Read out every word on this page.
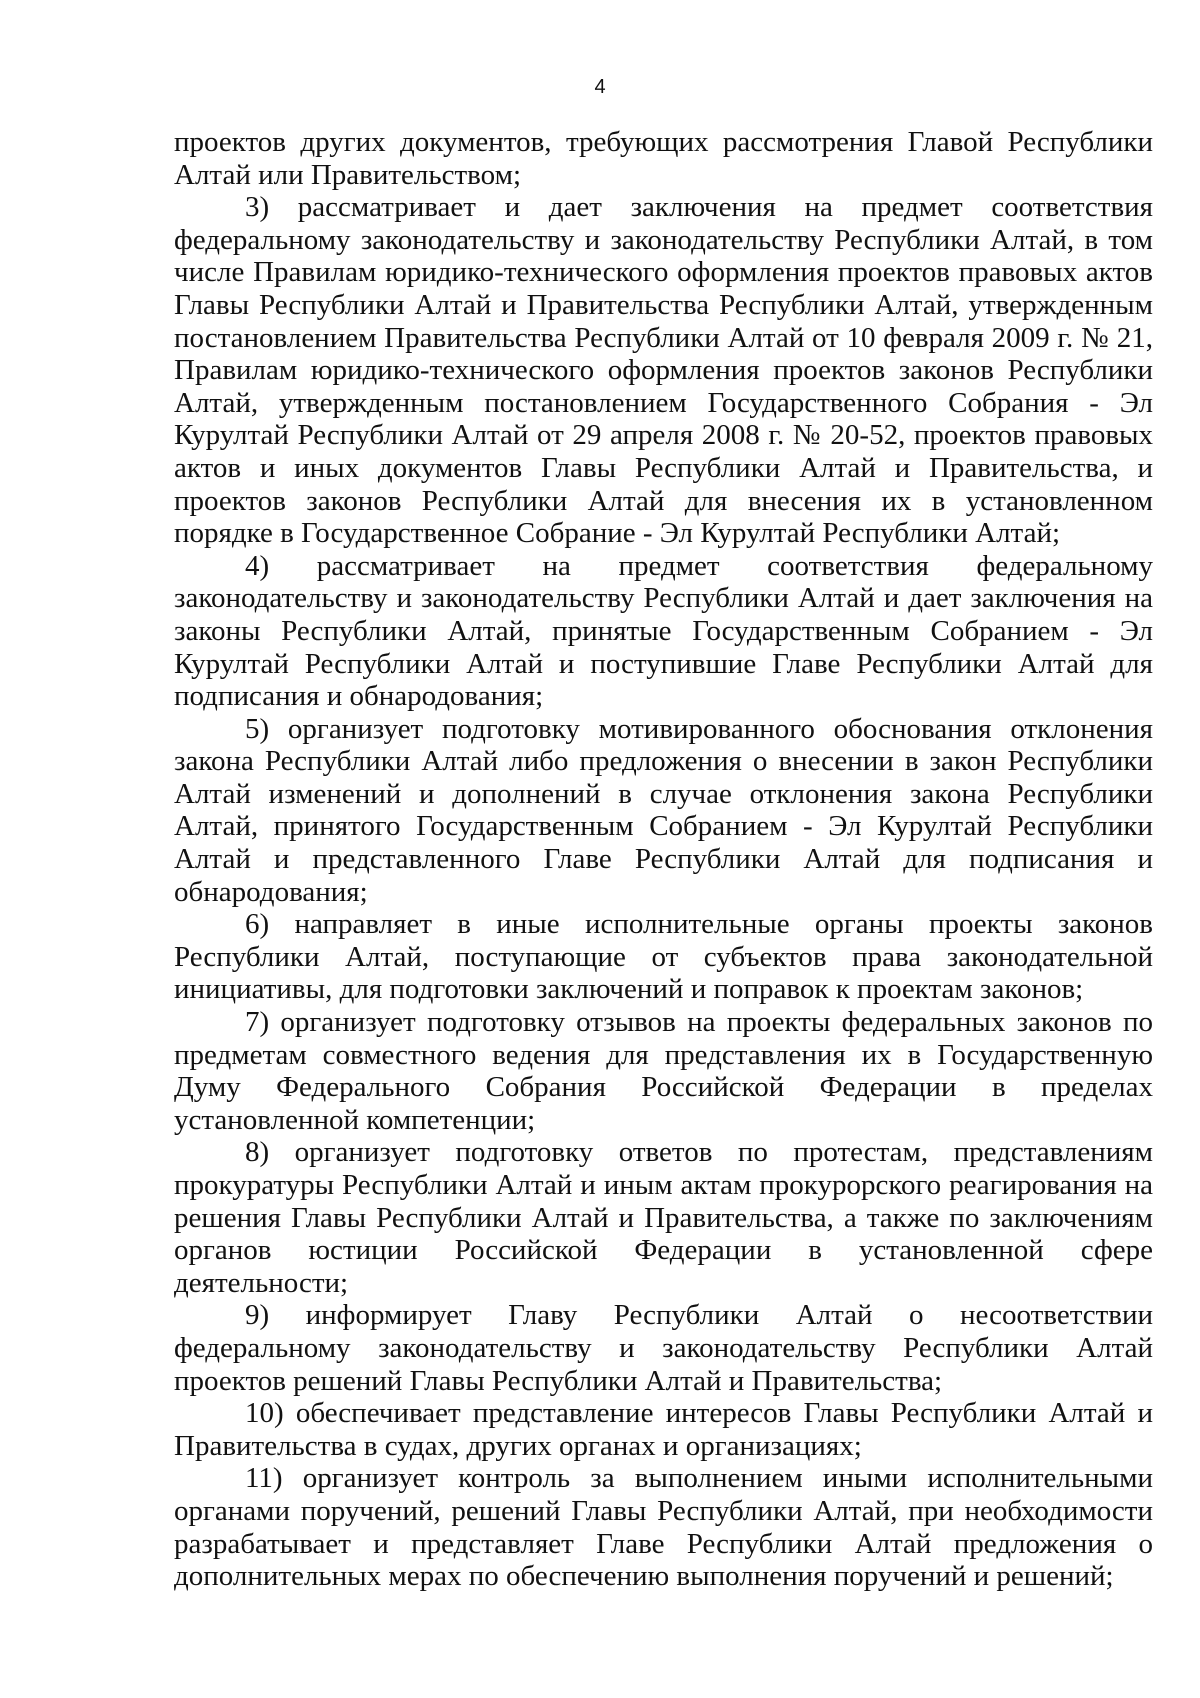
4

проектов других документов, требующих рассмотрения Главой Республики Алтай или Правительством;

3) рассматривает и дает заключения на предмет соответствия федеральному законодательству и законодательству Республики Алтай, в том числе Правилам юридико-технического оформления проектов правовых актов Главы Республики Алтай и Правительства Республики Алтай, утвержденным постановлением Правительства Республики Алтай от 10 февраля 2009 г. № 21, Правилам юридико-технического оформления проектов законов Республики Алтай, утвержденным постановлением Государственного Собрания - Эл Курултай Республики Алтай от 29 апреля 2008 г. № 20-52, проектов правовых актов и иных документов Главы Республики Алтай и Правительства, и проектов законов Республики Алтай для внесения их в установленном порядке в Государственное Собрание - Эл Курултай Республики Алтай;

4) рассматривает на предмет соответствия федеральному законодательству и законодательству Республики Алтай и дает заключения на законы Республики Алтай, принятые Государственным Собранием - Эл Курултай Республики Алтай и поступившие Главе Республики Алтай для подписания и обнародования;

5) организует подготовку мотивированного обоснования отклонения закона Республики Алтай либо предложения о внесении в закон Республики Алтай изменений и дополнений в случае отклонения закона Республики Алтай, принятого Государственным Собранием - Эл Курултай Республики Алтай и представленного Главе Республики Алтай для подписания и обнародования;

6) направляет в иные исполнительные органы проекты законов Республики Алтай, поступающие от субъектов права законодательной инициативы, для подготовки заключений и поправок к проектам законов;

7) организует подготовку отзывов на проекты федеральных законов по предметам совместного ведения для представления их в Государственную Думу Федерального Собрания Российской Федерации в пределах установленной компетенции;

8) организует подготовку ответов по протестам, представлениям прокуратуры Республики Алтай и иным актам прокурорского реагирования на решения Главы Республики Алтай и Правительства, а также по заключениям органов юстиции Российской Федерации в установленной сфере деятельности;

9) информирует Главу Республики Алтай о несоответствии федеральному законодательству и законодательству Республики Алтай проектов решений Главы Республики Алтай и Правительства;

10) обеспечивает представление интересов Главы Республики Алтай и Правительства в судах, других органах и организациях;

11) организует контроль за выполнением иными исполнительными органами поручений, решений Главы Республики Алтай, при необходимости разрабатывает и представляет Главе Республики Алтай предложения о дополнительных мерах по обеспечению выполнения поручений и решений;
